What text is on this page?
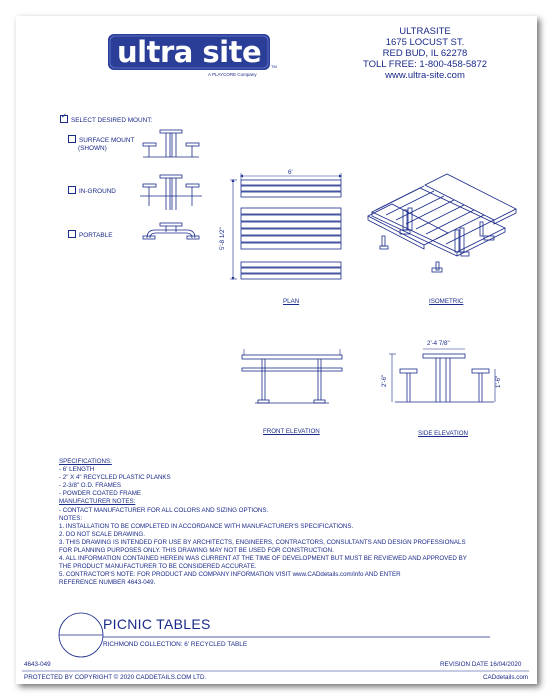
ultra site TM
A PLAYCORE Company
ULTRASITE
1675 LOCUST ST.
RED BUD, IL 62278
TOLL FREE: 1-800-458-5872
www.ultra-site.com
✓
SELECT DESIRED MOUNT:
SURFACE MOUNT
(SHOWN)
IN-GROUND
PORTABLE
6'
5'-8 1/2"
2'-4 7/8"
2'-6"	1'-6"
PLAN	ISOMETRIC
FRONT ELEVATION	SIDE ELEVATION
SPECIFICATIONS:
- 6' LENGTH
- 2" X 4" RECYCLED PLASTIC PLANKS
- 2-3/8" O.D. FRAMES
- POWDER COATED FRAME
MANUFACTURER NOTES:
- CONTACT MANUFACTURER FOR ALL COLORS AND SIZING OPTIONS.
NOTES:
1. INSTALLATION TO BE COMPLETED IN ACCORDANCE WITH MANUFACTURER'S SPECIFICATIONS.
2. DO NOT SCALE DRAWING.
3. THIS DRAWING IS INTENDED FOR USE BY ARCHITECTS, ENGINEERS, CONTRACTORS, CONSULTANTS AND DESIGN PROFESSIONALS
FOR PLANNING PURPOSES ONLY. THIS DRAWING MAY NOT BE USED FOR CONSTRUCTION.
4. ALL INFORMATION CONTAINED HEREIN WAS CURRENT AT THE TIME OF DEVELOPMENT BUT MUST BE REVIEWED AND APPROVED BY
THE PRODUCT MANUFACTURER TO BE CONSIDERED ACCURATE.
5. CONTRACTOR'S NOTE: FOR PRODUCT AND COMPANY INFORMATION VISIT www.CADdetails.com/info AND ENTER
REFERENCE NUMBER 4643-049.
PICNIC TABLES
RICHMOND COLLECTION: 6' RECYCLED TABLE
4643-049	REVISION DATE 16/04/2020
PROTECTED BY COPYRIGHT © 2020 CADDETAILS.COM LTD.	CADdetails.com
